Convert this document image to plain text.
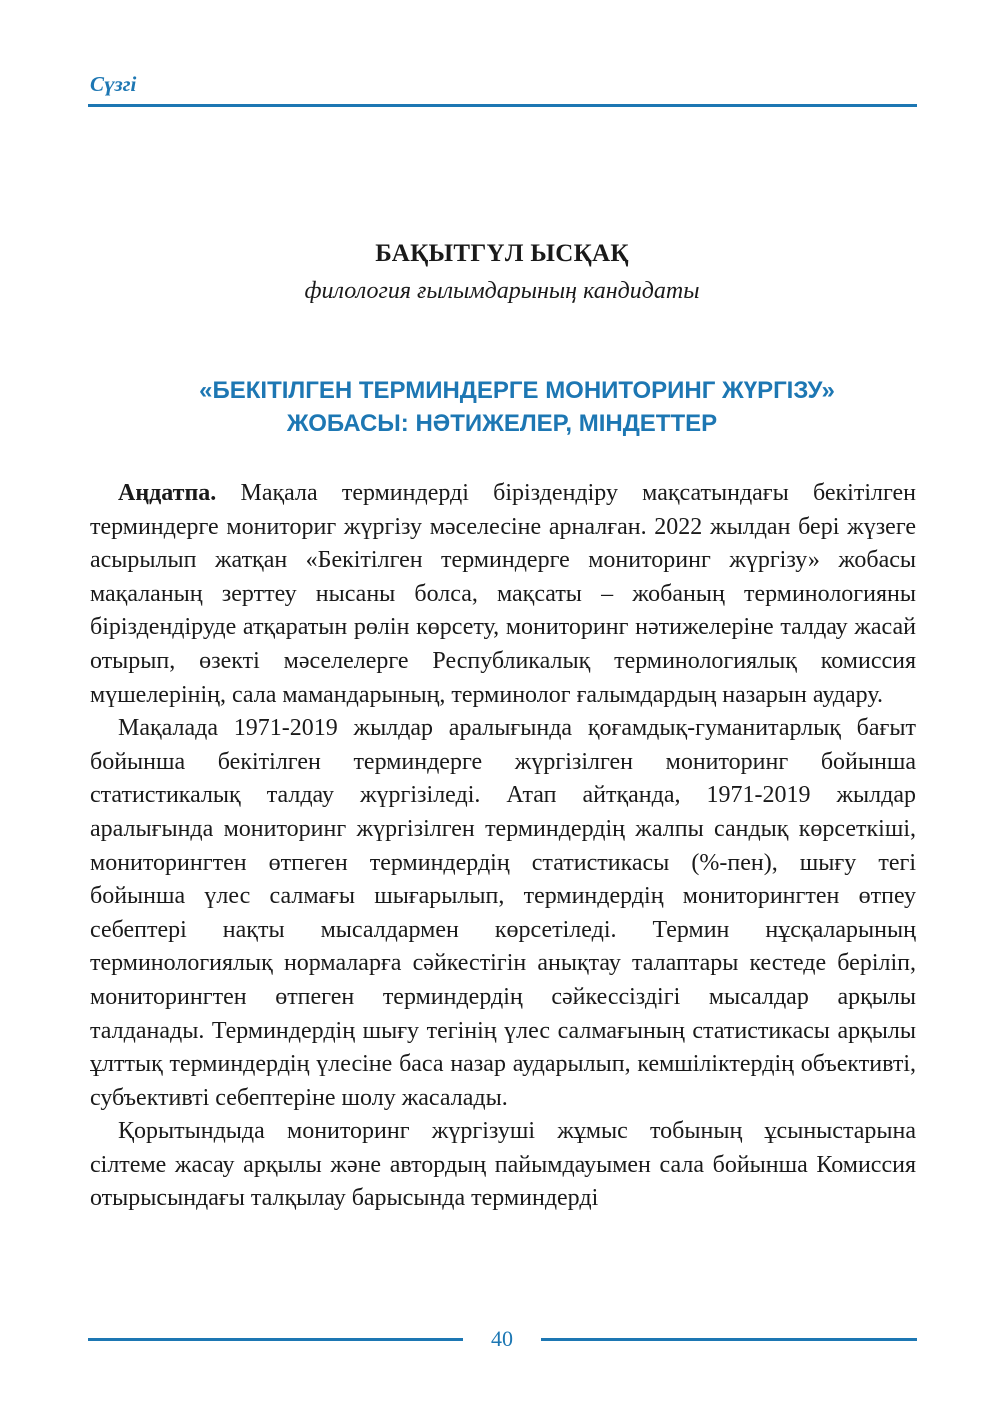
Сүзгі
БАҚЫТГҮЛ ЫСҚАҚ
филология ғылымдарының кандидаты
«БЕКІТІЛГЕН ТЕРМИНДЕРГЕ МОНИТОРИНГ ЖҮРГІЗУ»
ЖОБАСЫ: НӘТИЖЕЛЕР, МІНДЕТТЕР

Аңдатпа. Мақала терминдерді біріздендіру мақсатындағы бекітілген терминдерге мониториг жүргізу мәселесіне арналған. 2022 жылдан бері жүзеге асырылып жатқан «Бекітілген терминдерге мониторинг жүргізу» жобасы мақаланың зерттеу нысаны болса, мақсаты – жобаның терминологияны біріздендіруде атқаратын рөлін көрсету, мониторинг нәтижелеріне талдау жасай отырып, өзекті мәселелерге Республикалық терминологиялық комиссия мүшелерінің, сала мамандарының, терминолог ғалымдардың назарын аудару.

Мақалада 1971-2019 жылдар аралығында қоғамдық-гуманитарлық бағыт бойынша бекітілген терминдерге жүргізілген мониторинг бойынша статистикалық талдау жүргізіледі. Атап айтқанда, 1971-2019 жылдар аралығында мониторинг жүргізілген терминдердің жалпы сандық көрсеткіші, мониторингтен өтпеген терминдердің статистикасы (%-пен), шығу тегі бойынша үлес салмағы шығарылып, терминдердің мониторингтен өтпеу себептері нақты мысалдармен көрсетіледі. Термин нұсқаларының терминологиялық нормаларға сәйкестігін анықтау талаптары кестеде беріліп, мониторингтен өтпеген терминдердің сәйкессіздігі мысалдар арқылы талданады. Терминдердің шығу тегінің үлес салмағының статистикасы арқылы ұлттық терминдердің үлесіне баса назар аударылып, кемшіліктердің объективті, субъективті себептеріне шолу жасалады.

Қорытындыда мониторинг жүргізуші жұмыс тобының ұсыныстарына сілтеме жасау арқылы және автордың пайымдауымен сала бойынша Комиссия отырысындағы талқылау барысында терминдерді

40
